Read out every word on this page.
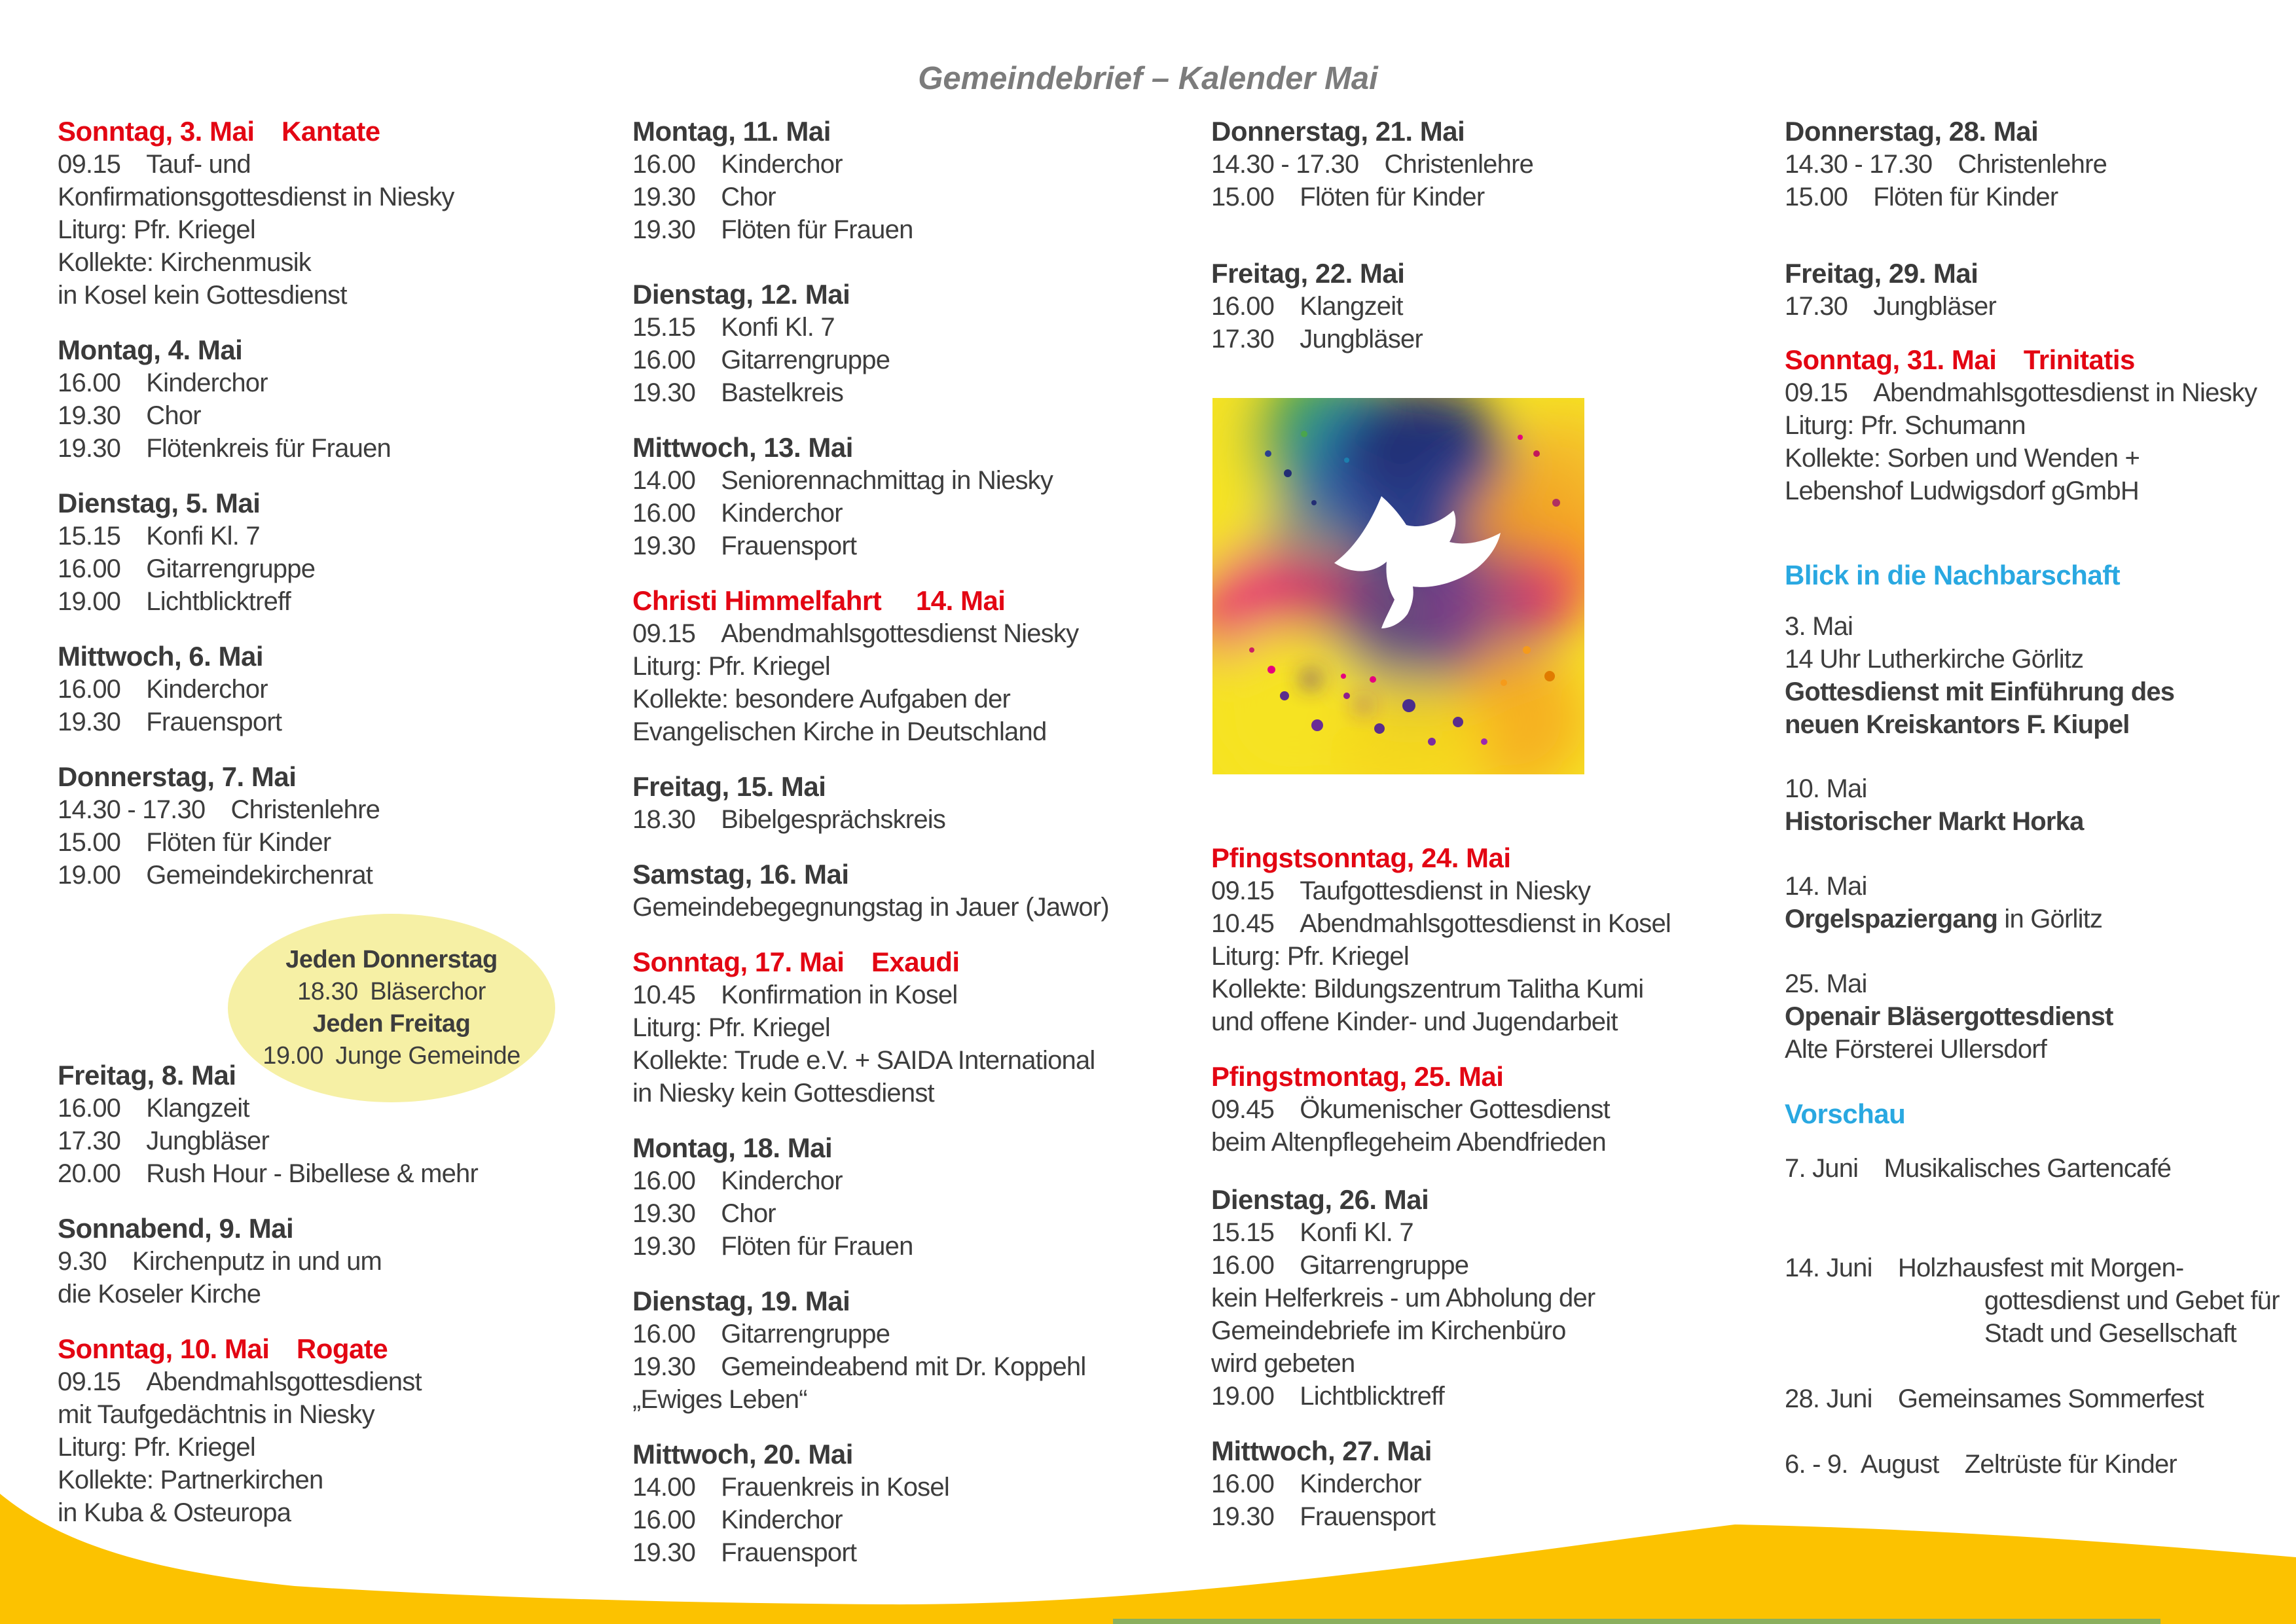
Gemeindebrief – Kalender Mai
Sonntag, 3. Mai Kantate
09.15 Tauf- und
Konfirmationsgottesdienst in Niesky
Liturg: Pfr. Kriegel
Kollekte: Kirchenmusik
in Kosel kein Gottesdienst
Montag, 4. Mai
16.00 Kinderchor
19.30 Chor
19.30 Flötenkreis für Frauen
Dienstag, 5. Mai
15.15 Konfi Kl. 7
16.00 Gitarrengruppe
19.00 Lichtblicktreff
Mittwoch, 6. Mai
16.00 Kinderchor
19.30 Frauensport
Donnerstag, 7. Mai
14.30 - 17.30 Christenlehre
15.00 Flöten für Kinder
19.00 Gemeindekirchenrat
Freitag, 8. Mai
16.00 Klangzeit
17.30 Jungbläser
20.00 Rush Hour - Bibellese & mehr
Sonnabend, 9. Mai
9.30 Kirchenputz in und um
die Koseler Kirche
Sonntag, 10. Mai Rogate
09.15 Abendmahlsgottesdienst
mit Taufgedächtnis in Niesky
Liturg: Pfr. Kriegel
Kollekte: Partnerkirchen
in Kuba & Osteuropa
Montag, 11. Mai
16.00 Kinderchor
19.30 Chor
19.30 Flöten für Frauen
Dienstag, 12. Mai
15.15 Konfi Kl. 7
16.00 Gitarrengruppe
19.30 Bastelkreis
Mittwoch, 13. Mai
14.00 Seniorennachmittag in Niesky
16.00 Kinderchor
19.30 Frauensport
Christi Himmelfahrt  14. Mai
09.15 Abendmahlsgottesdienst Niesky
Liturg: Pfr. Kriegel
Kollekte: besondere Aufgaben der
Evangelischen Kirche in Deutschland
Freitag, 15. Mai
18.30 Bibelgesprächskreis
Samstag, 16. Mai
Gemeindebegegnungstag in Jauer (Jawor)
Sonntag, 17. Mai Exaudi
10.45 Konfirmation in Kosel
Liturg: Pfr. Kriegel
Kollekte: Trude e.V. + SAIDA International
in Niesky kein Gottesdienst
Montag, 18. Mai
16.00 Kinderchor
19.30 Chor
19.30 Flöten für Frauen
Dienstag, 19. Mai
16.00 Gitarrengruppe
19.30 Gemeindeabend mit Dr. Koppehl
„Ewiges Leben“
Mittwoch, 20. Mai
14.00 Frauenkreis in Kosel
16.00 Kinderchor
19.30 Frauensport
Donnerstag, 21. Mai
14.30 - 17.30 Christenlehre
15.00 Flöten für Kinder
Freitag, 22. Mai
16.00 Klangzeit
17.30 Jungbläser
Pfingstsonntag, 24. Mai
09.15 Taufgottesdienst in Niesky
10.45 Abendmahlsgottesdienst in Kosel
Liturg: Pfr. Kriegel
Kollekte: Bildungszentrum Talitha Kumi
und offene Kinder- und Jugendarbeit
Pfingstmontag, 25. Mai
09.45 Ökumenischer Gottesdienst
beim Altenpflegeheim Abendfrieden
Dienstag, 26. Mai
15.15 Konfi Kl. 7
16.00 Gitarrengruppe
kein Helferkreis - um Abholung der
Gemeindebriefe im Kirchenbüro
wird gebeten
19.00 Lichtblicktreff
Mittwoch, 27. Mai
16.00 Kinderchor
19.30 Frauensport
Donnerstag, 28. Mai
14.30 - 17.30 Christenlehre
15.00 Flöten für Kinder
Freitag, 29. Mai
17.30 Jungbläser
Sonntag, 31. Mai Trinitatis
09.15 Abendmahlsgottesdienst in Niesky
Liturg: Pfr. Schumann
Kollekte: Sorben und Wenden +
Lebenshof Ludwigsdorf gGmbH
Blick in die Nachbarschaft
3. Mai
14 Uhr Lutherkirche Görlitz
Gottesdienst mit Einführung des
neuen Kreiskantors F. Kiupel
10. Mai
Historischer Markt Horka
14. Mai
Orgelspaziergang in Görlitz
25. Mai
Openair Bläsergottesdienst
Alte Försterei Ullersdorf
Vorschau
7. Juni Musikalisches Gartencafé
14. Juni Holzhausfest mit Morgen-
gottesdienst und Gebet für
Stadt und Gesellschaft
28. Juni Gemeinsames Sommerfest
6. - 9. August Zeltrüste für Kinder
Jeden Donnerstag
18.30 Bläserchor
Jeden Freitag
19.00 Junge Gemeinde
